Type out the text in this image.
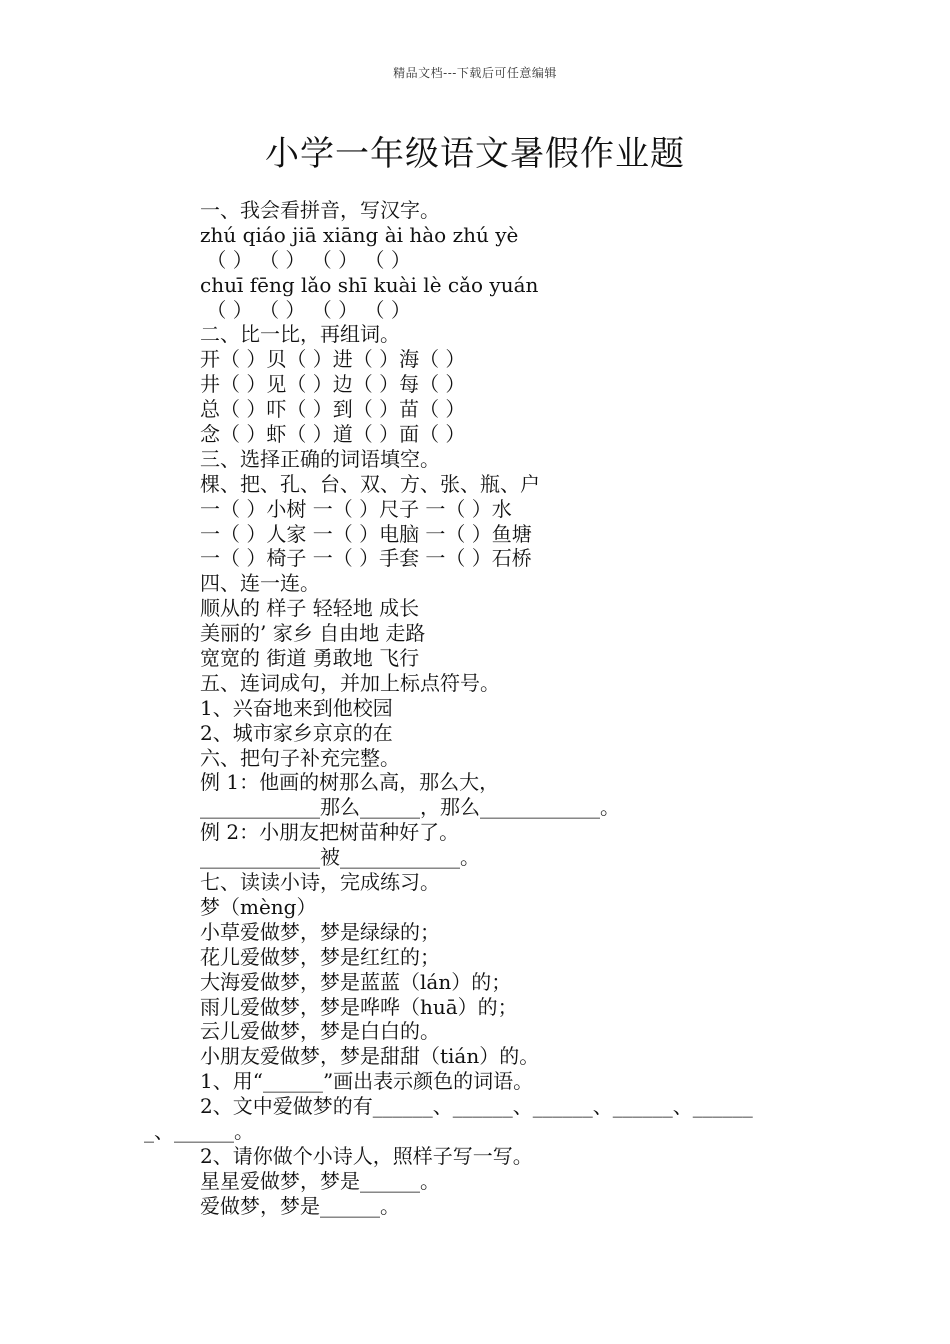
精品文档---下载后可任意编辑
小学一年级语文暑假作业题
一、我会看拼音，写汉字。
zhú qiáo jiā xiāng ài hào zhú yè
（ ） （ ） （ ） （ ）
chuī fēng lǎo shī kuài lè cǎo yuán
（ ） （ ） （ ） （ ）
二、比一比，再组词。
开（ ）贝（ ）进（ ）海（ ）
井（ ）见（ ）边（ ）每（ ）
总（ ）吓（ ）到（ ）苗（ ）
念（ ）虾（ ）道（ ）面（ ）
三、选择正确的词语填空。
棵、把、孔、台、双、方、张、瓶、户
一（ ）小树 一（ ）尺子 一（ ）水
一（ ）人家 一（ ）电脑 一（ ）鱼塘
一（ ）椅子 一（ ）手套 一（ ）石桥
四、连一连。
顺从的 样子 轻轻地 成长
美丽的’ 家乡 自由地 走路
宽宽的 街道 勇敢地 飞行
五、连词成句，并加上标点符号。
1、兴奋地来到他校园
2、城市家乡京京的在
六、把句子补充完整。
例 1：他画的树那么高，那么大，
____________那么______，那么____________。
例 2：小朋友把树苗种好了。
____________被____________。
七、读读小诗，完成练习。
梦（mèng）
小草爱做梦，梦是绿绿的；
花儿爱做梦，梦是红红的；
大海爱做梦，梦是蓝蓝（lán）的；
雨儿爱做梦，梦是哗哗（huā）的；
云儿爱做梦，梦是白白的。
小朋友爱做梦，梦是甜甜（tián）的。
1、用“______”画出表示颜色的词语。
2、文中爱做梦的有______、______、______、______、______
_、______。
2、请你做个小诗人，照样子写一写。
星星爱做梦，梦是______。
爱做梦，梦是______。
